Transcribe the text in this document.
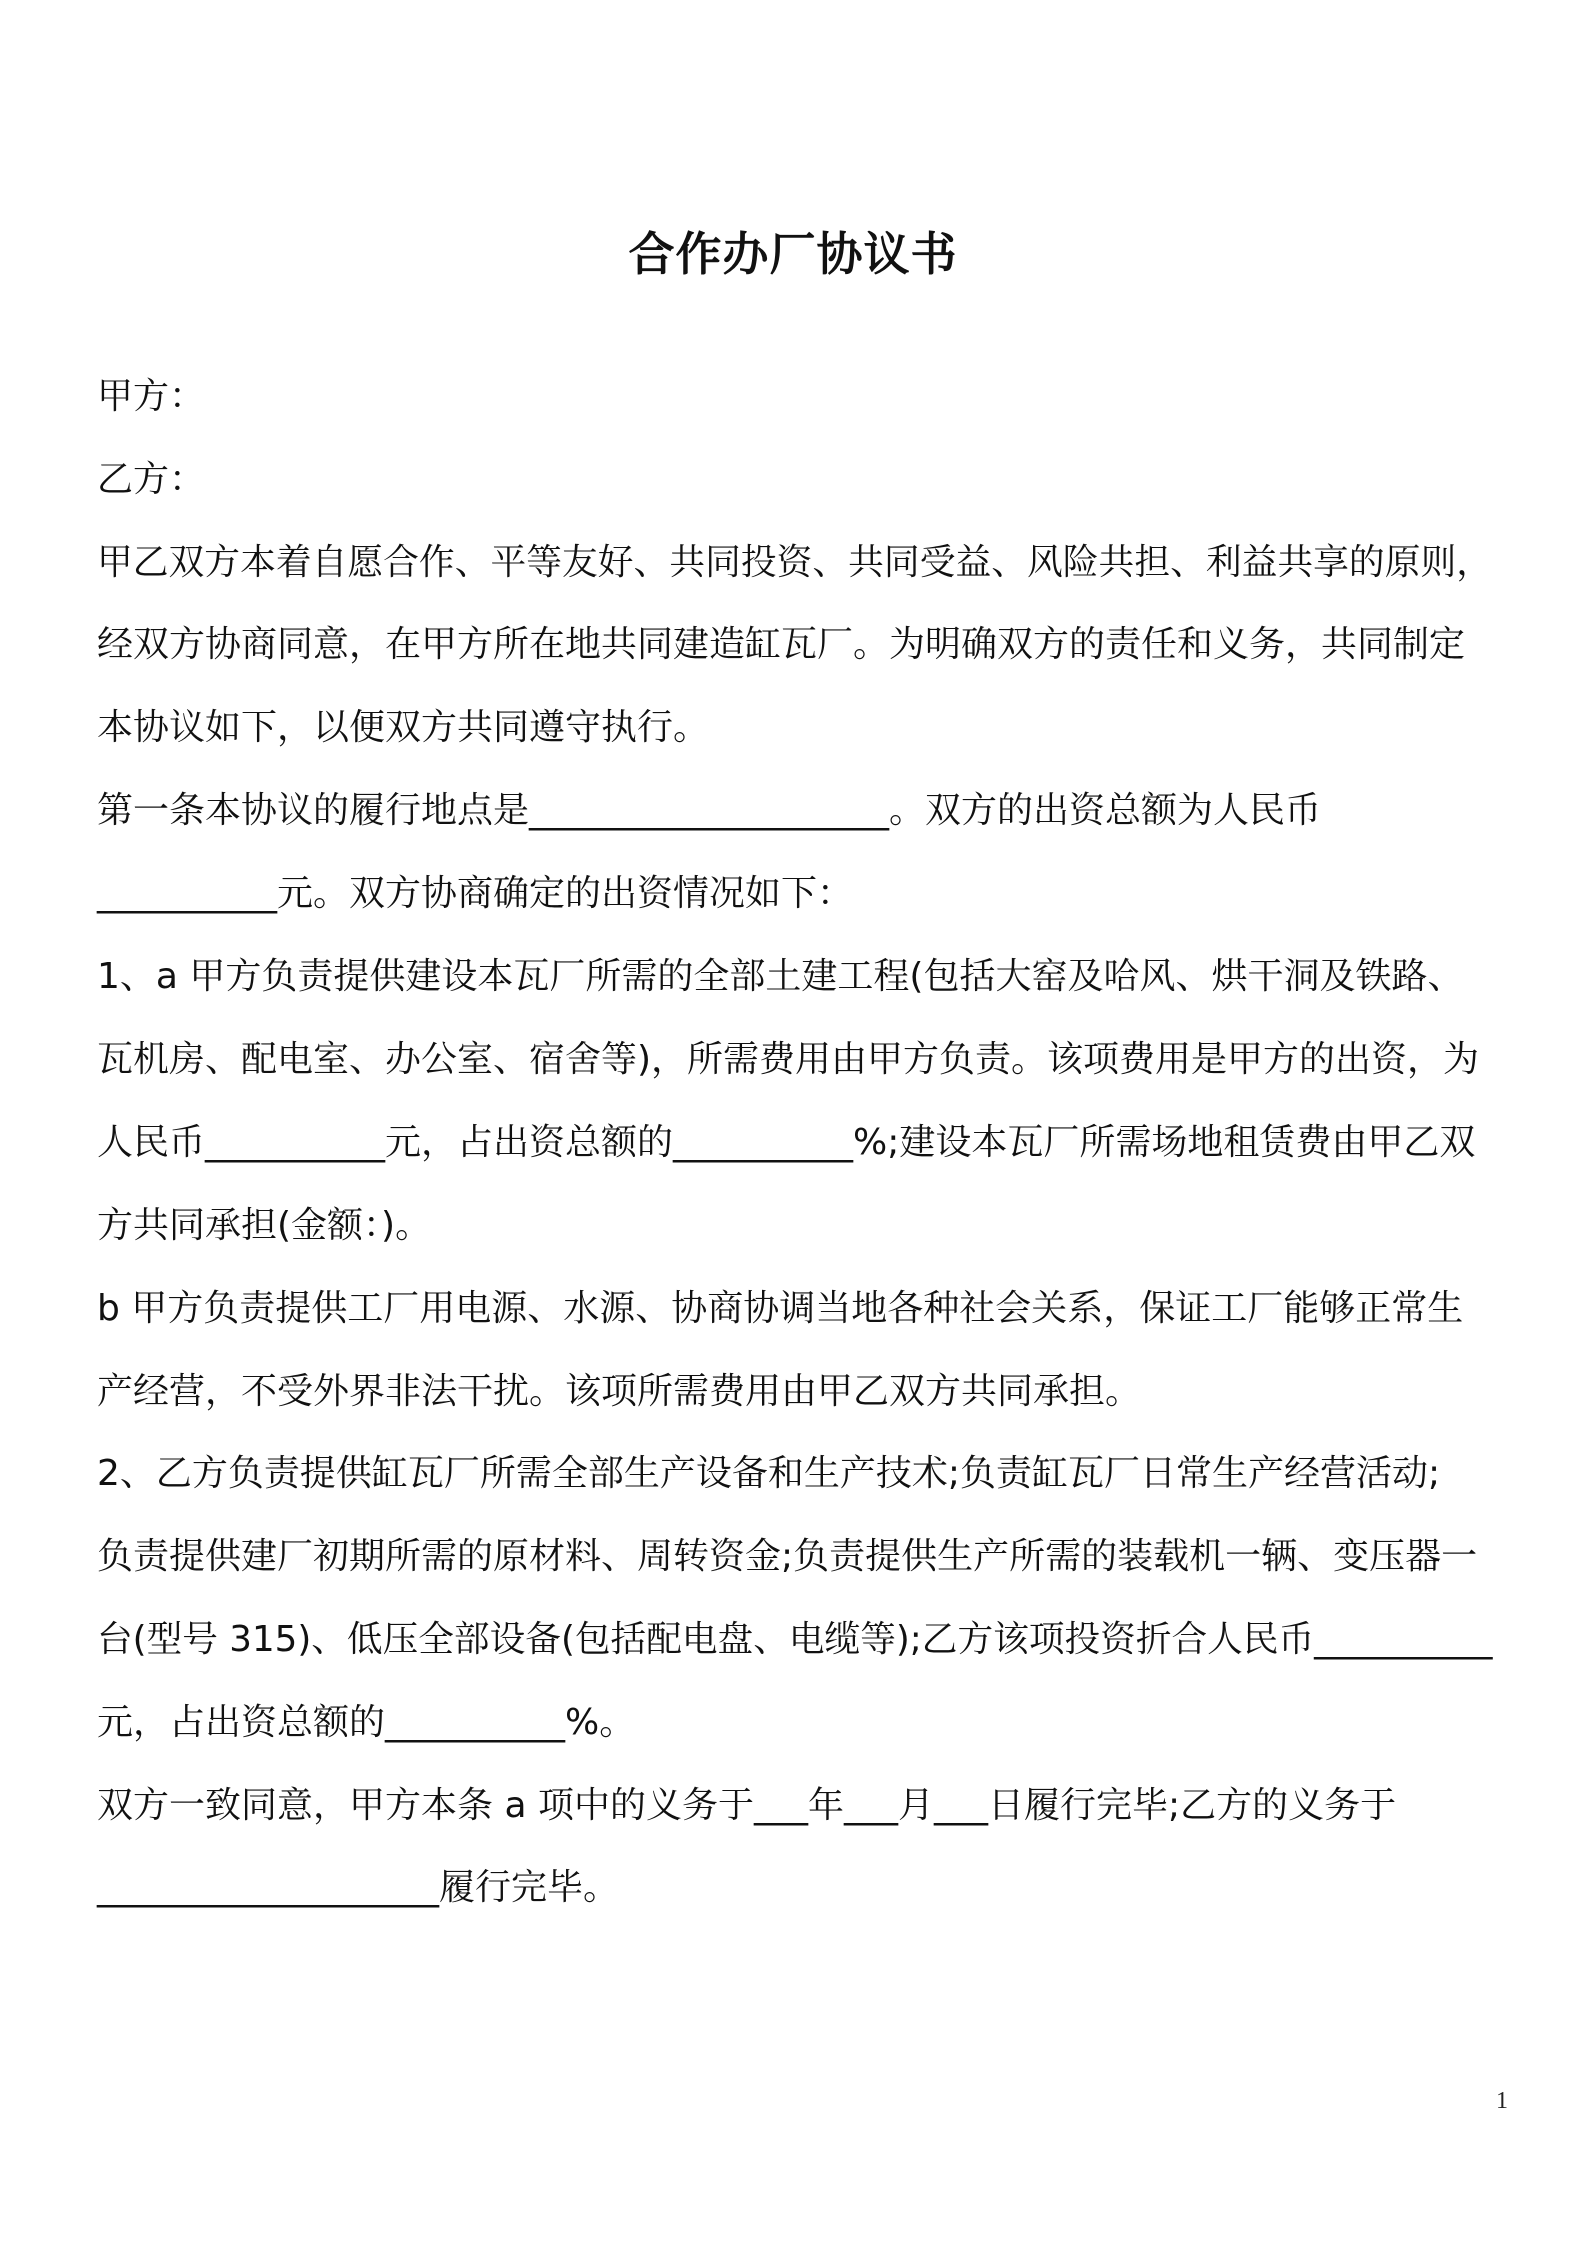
合作办厂协议书
甲方：
乙方：
甲乙双方本着自愿合作、平等友好、共同投资、共同受益、风险共担、利益共享的原则，
经双方协商同意，在甲方所在地共同建造缸瓦厂。为明确双方的责任和义务，共同制定
本协议如下，以便双方共同遵守执行。
第一条本协议的履行地点是____________________。双方的出资总额为人民币
__________元。双方协商确定的出资情况如下：
1、a 甲方负责提供建设本瓦厂所需的全部土建工程(包括大窑及哈风、烘干洞及铁路、
瓦机房、配电室、办公室、宿舍等)，所需费用由甲方负责。该项费用是甲方的出资，为
人民币__________元，占出资总额的__________%;建设本瓦厂所需场地租赁费由甲乙双
方共同承担(金额：)。
b 甲方负责提供工厂用电源、水源、协商协调当地各种社会关系，保证工厂能够正常生
产经营，不受外界非法干扰。该项所需费用由甲乙双方共同承担。
2、乙方负责提供缸瓦厂所需全部生产设备和生产技术;负责缸瓦厂日常生产经营活动;
负责提供建厂初期所需的原材料、周转资金;负责提供生产所需的装载机一辆、变压器一
台(型号 315)、低压全部设备(包括配电盘、电缆等);乙方该项投资折合人民币__________
元，占出资总额的__________%。
双方一致同意，甲方本条 a 项中的义务于___年___月___日履行完毕;乙方的义务于
___________________履行完毕。
1
